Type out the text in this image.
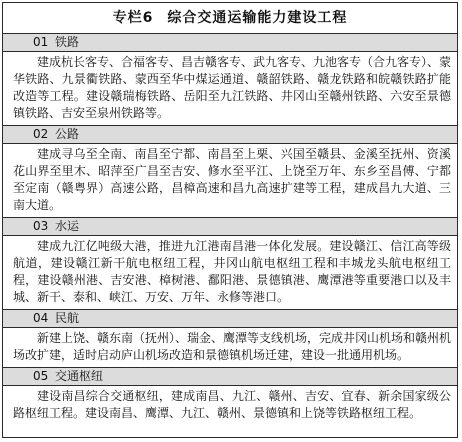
专栏6 综合交通运输能力建设工程
01 铁路
建成杭长客专、合福客专、昌吉赣客专、武九客专、九池客专（合九客专）、蒙华铁路、九景衢铁路、蒙西至华中煤运通道、赣韶铁路、赣龙铁路和皖赣铁路扩能改造等工程。建设赣瑞梅铁路、岳阳至九江铁路、井冈山至赣州铁路、六安至景德镇铁路、吉安至泉州铁路等。
02 公路
建成寻乌至全南、南昌至宁都、南昌至上栗、兴国至赣县、金溪至抚州、资溪花山界至里木、昭萍至广昌至吉安、修水至平江、上饶至万年、东乡至昌傅、宁都至定南（赣粤界）高速公路，昌樟高速和昌九高速扩建等工程，建成昌九大道、三南大道。
03 水运
建成九江亿吨级大港，推进九江港南昌港一体化发展。建设赣江、信江高等级航道，建设赣江新干航电枢纽工程，井冈山航电枢纽工程和丰城龙头航电枢纽工程，建设赣州港、吉安港、樟树港、鄱阳港、景德镇港、鹰潭港等重要港口以及丰城、新干、泰和、峡江、万安、万年、永修等港口。
04 民航
新建上饶、赣东南（抚州）、瑞金、鹰潭等支线机场，完成井冈山机场和赣州机场改扩建，适时启动庐山机场改造和景德镇机场迁建，建设一批通用机场。
05 交通枢纽
建设南昌综合交通枢纽，建成南昌、九江、赣州、吉安、宜春、新余国家级公路枢纽工程。建设南昌、鹰潭、九江、赣州、景德镇和上饶等铁路枢纽工程。
